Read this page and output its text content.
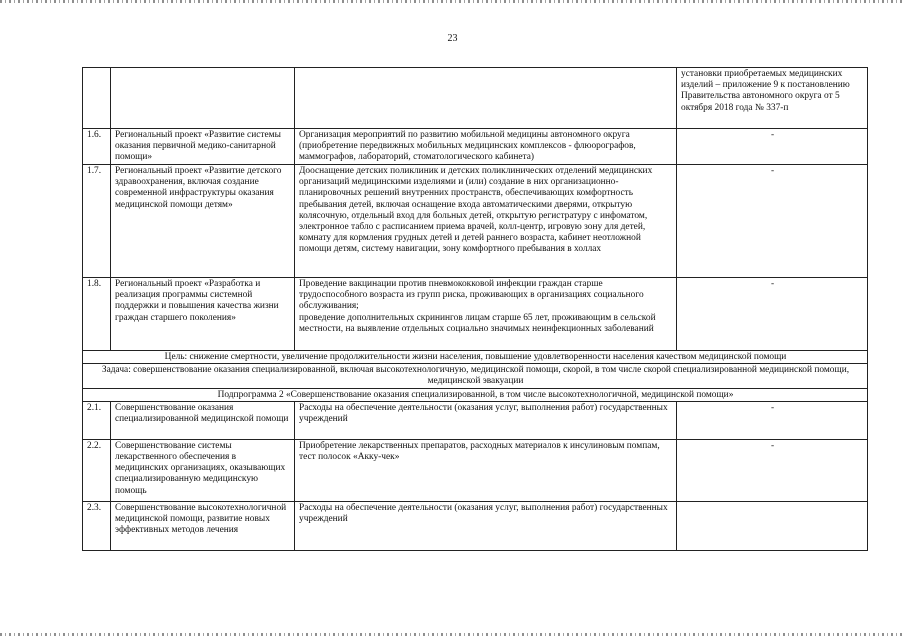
23
			установки приобретаемых медицинских изделий – приложение 9 к постановлению Правительства автономного округа от 5 октября 2018 года № 337-п
1.6.	Региональный проект «Развитие системы оказания первичной медико-санитарной помощи»	Организация мероприятий по развитию мобильной медицины автономного округа (приобретение передвижных мобильных медицинских комплексов - флюорографов, маммографов, лабораторий, стоматологического кабинета)	-
1.7.	Региональный проект «Развитие детского здравоохранения, включая создание современной инфраструктуры оказания медицинской помощи детям»	Дооснащение детских поликлиник и детских поликлинических отделений медицинских организаций медицинскими изделиями и (или) создание в них организационно-планировочных решений внутренних пространств, обеспечивающих комфортность пребывания детей, включая оснащение входа автоматическими дверями, открытую колясочную, отдельный вход для больных детей, открытую регистратуру с инфоматом, электронное табло с расписанием приема врачей, колл-центр, игровую зону для детей, комнату для кормления грудных детей и детей раннего возраста, кабинет неотложной помощи детям, систему навигации, зону комфортного пребывания в холлах	-
1.8.	Региональный проект «Разработка и реализация программы системной поддержки и повышения качества жизни граждан старшего поколения»	Проведение вакцинации против пневмококковой инфекции граждан старше трудоспособного возраста из групп риска, проживающих в организациях социального обслуживания;
проведение дополнительных скринингов лицам старше 65 лет, проживающим в сельской местности, на выявление отдельных социально значимых неинфекционных заболеваний	-
Цель: снижение смертности, увеличение продолжительности жизни населения, повышение удовлетворенности населения качеством медицинской помощи			
Задача: совершенствование оказания специализированной, включая высокотехнологичную, медицинской помощи, скорой, в том числе скорой специализированной медицинской помощи, медицинской эвакуации			
Подпрограмма 2 «Совершенствование оказания специализированной, в том числе высокотехнологичной, медицинской помощи»			
2.1.	Совершенствование оказания специализированной медицинской помощи	Расходы на обеспечение деятельности (оказания услуг, выполнения работ) государственных учреждений	-
2.2.	Совершенствование системы лекарственного обеспечения в медицинских организациях, оказывающих специализированную медицинскую помощь	Приобретение лекарственных препаратов, расходных материалов к инсулиновым помпам, тест полосок «Акку-чек»	-
2.3.	Совершенствование высокотехнологичной медицинской помощи, развитие новых эффективных методов лечения	Расходы на обеспечение деятельности (оказания услуг, выполнения работ) государственных учреждений	
